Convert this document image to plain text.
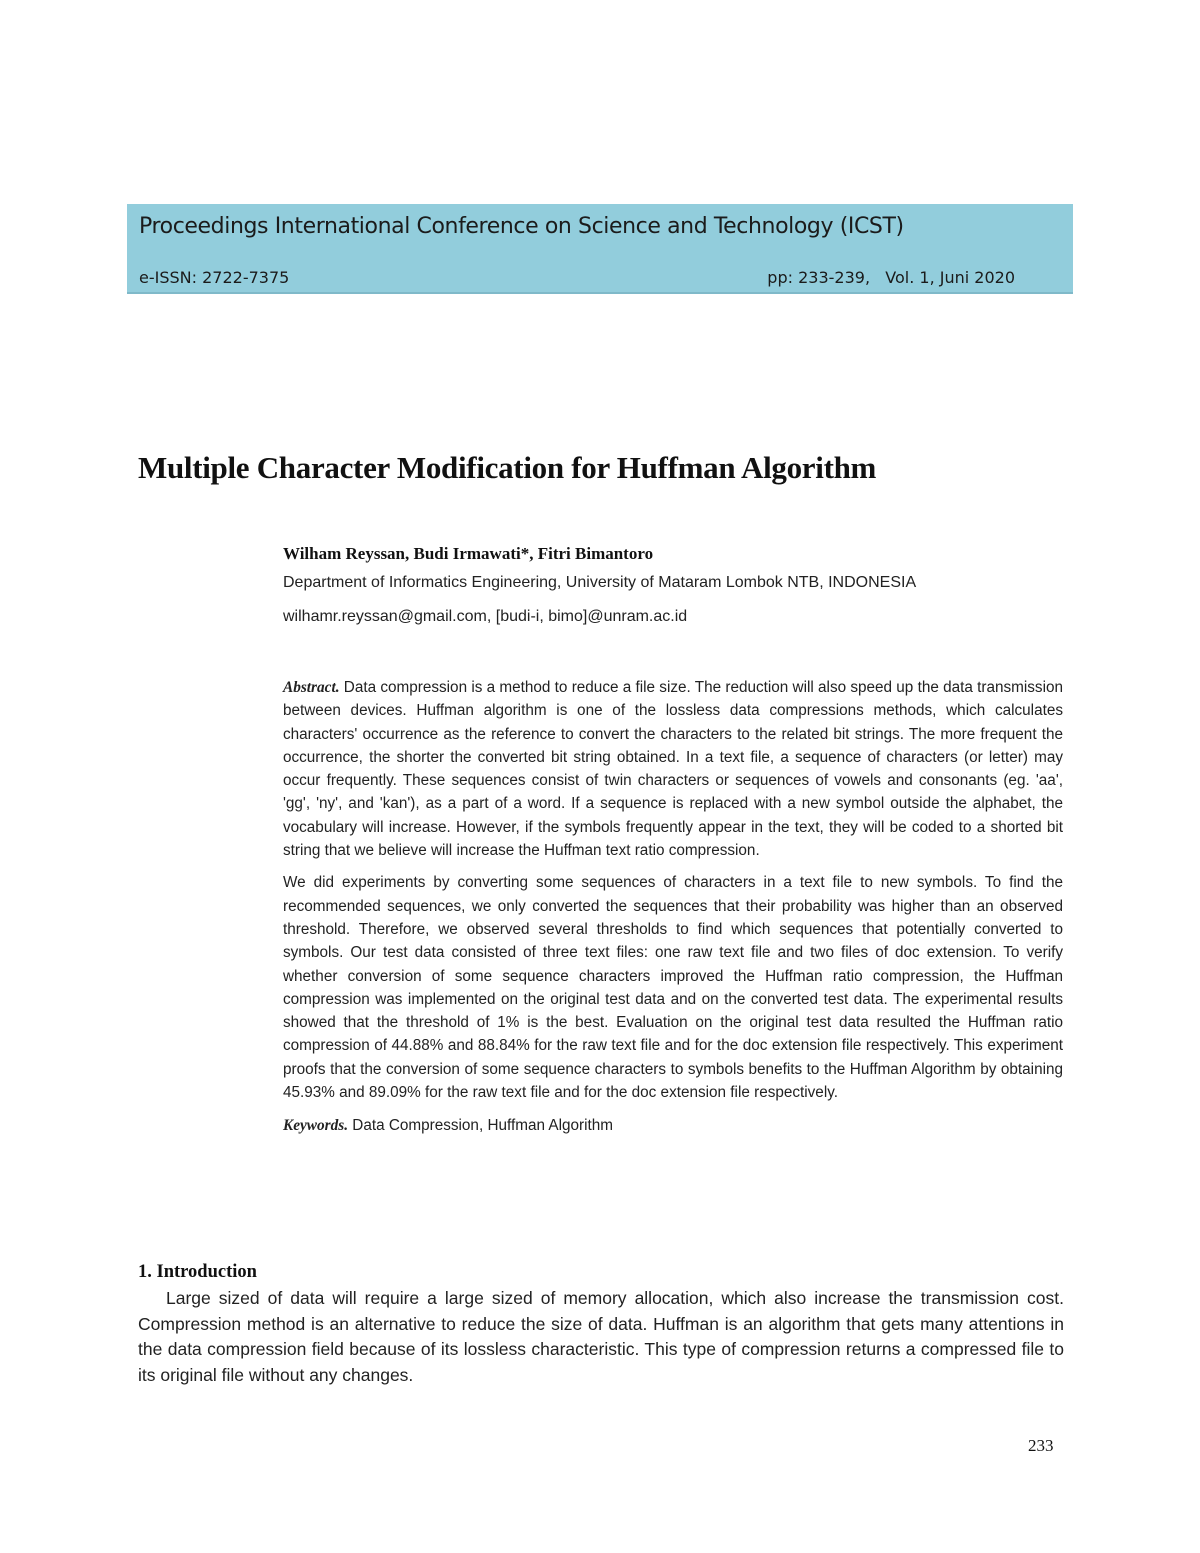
Proceedings International Conference on Science and Technology (ICST)
e-ISSN: 2722-7375	pp: 233-239,   Vol. 1, Juni 2020
Multiple Character Modification for Huffman Algorithm
Wilham Reyssan, Budi Irmawati*, Fitri Bimantoro
Department of Informatics Engineering, University of Mataram Lombok NTB, INDONESIA
wilhamr.reyssan@gmail.com, [budi-i, bimo]@unram.ac.id

Abstract. Data compression is a method to reduce a file size. The reduction will also speed up the data transmission between devices. Huffman algorithm is one of the lossless data compressions methods, which calculates characters' occurrence as the reference to convert the characters to the related bit strings. The more frequent the occurrence, the shorter the converted bit string obtained. In a text file, a sequence of characters (or letter) may occur frequently. These sequences consist of twin characters or sequences of vowels and consonants (eg. 'aa', 'gg', 'ny', and 'kan'), as a part of a word. If a sequence is replaced with a new symbol outside the alphabet, the vocabulary will increase. However, if the symbols frequently appear in the text, they will be coded to a shorted bit string that we believe will increase the Huffman text ratio compression.

We did experiments by converting some sequences of characters in a text file to new symbols. To find the recommended sequences, we only converted the sequences that their probability was higher than an observed threshold. Therefore, we observed several thresholds to find which sequences that potentially converted to symbols. Our test data consisted of three text files: one raw text file and two files of doc extension. To verify whether conversion of some sequence characters improved the Huffman ratio compression, the Huffman compression was implemented on the original test data and on the converted test data. The experimental results showed that the threshold of 1% is the best. Evaluation on the original test data resulted the Huffman ratio compression of 44.88% and 88.84% for the raw text file and for the doc extension file respectively. This experiment proofs that the conversion of some sequence characters to symbols benefits to the Huffman Algorithm by obtaining 45.93% and 89.09% for the raw text file and for the doc extension file respectively.

Keywords. Data Compression, Huffman Algorithm

1. Introduction

Large sized of data will require a large sized of memory allocation, which also increase the transmission cost. Compression method is an alternative to reduce the size of data. Huffman is an algorithm that gets many attentions in the data compression field because of its lossless characteristic. This type of compression returns a compressed file to its original file without any changes.

233
